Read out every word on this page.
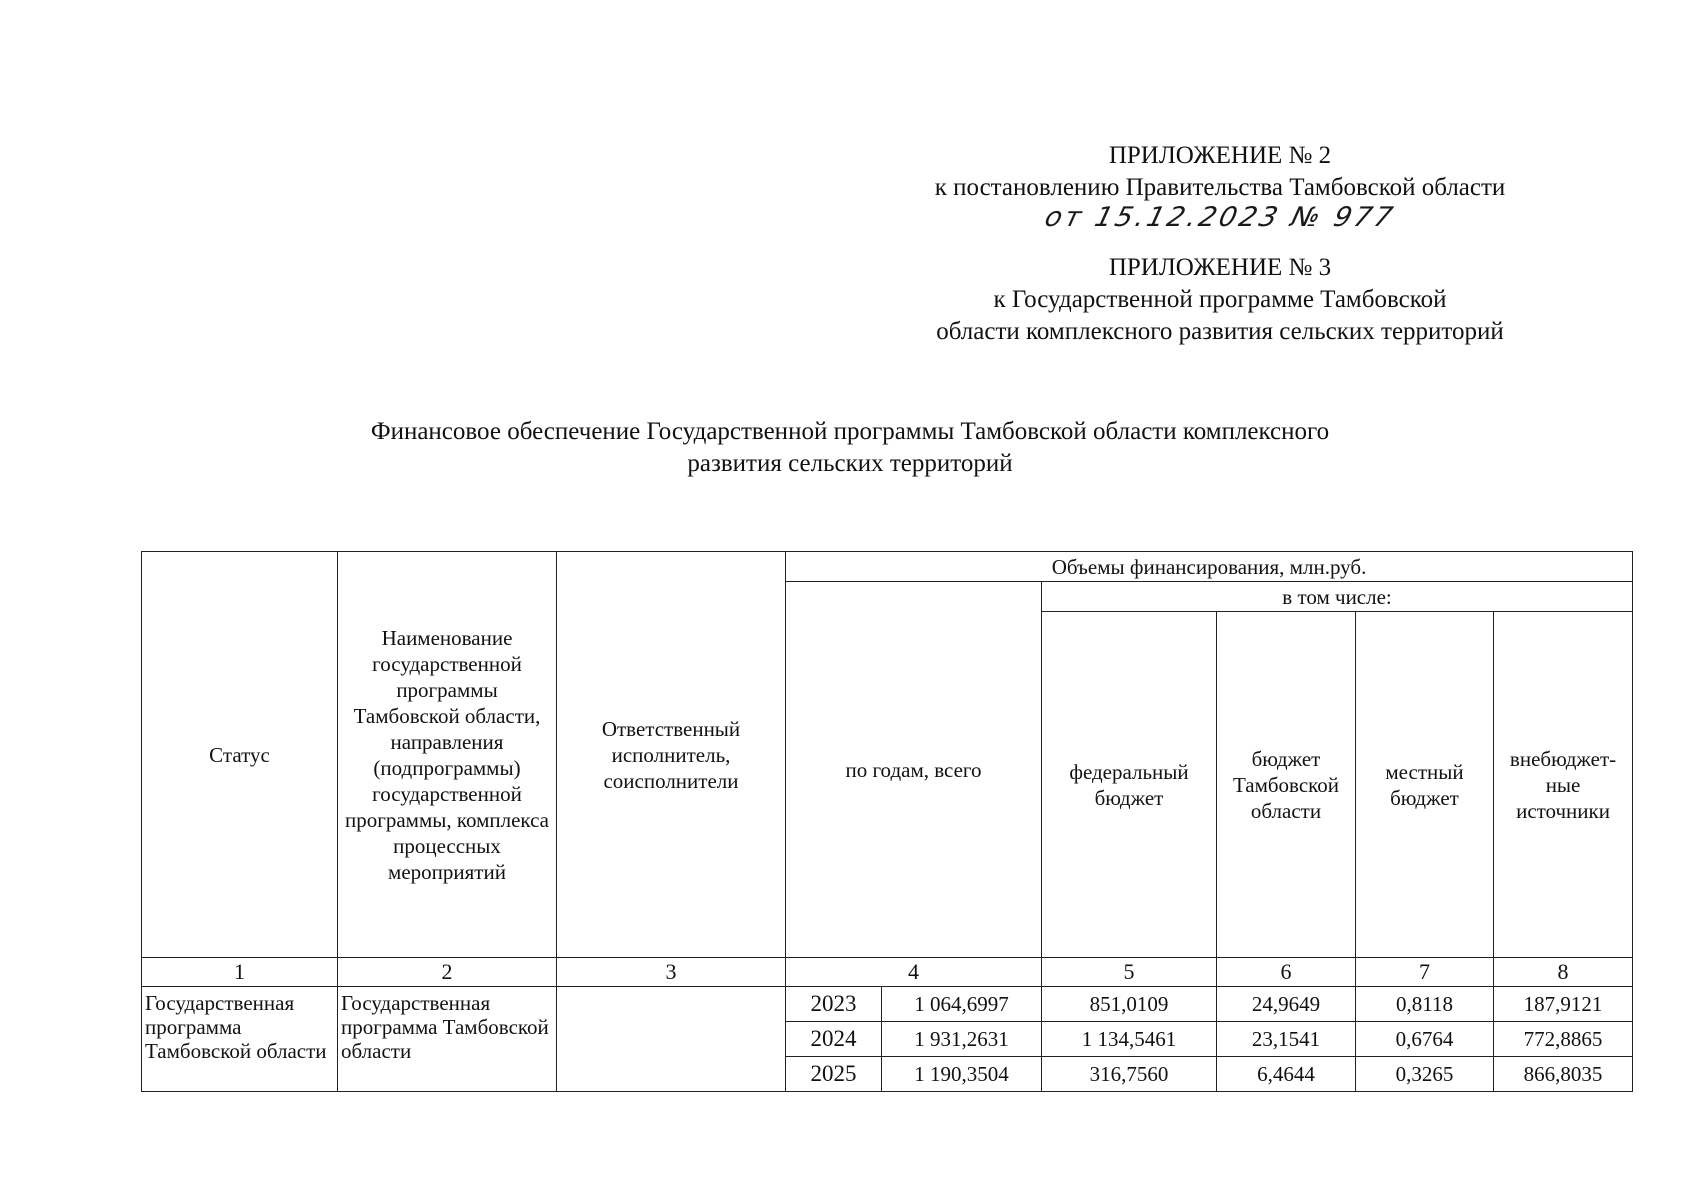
ПРИЛОЖЕНИЕ № 2
к постановлению Правительства Тамбовской области
от 15.12.2023 № 977
ПРИЛОЖЕНИЕ № 3
к Государственной программе Тамбовской
области комплексного развития сельских территорий
Финансовое обеспечение Государственной программы Тамбовской области комплексного
развития сельских территорий
Статус	Наименование государственной программы Тамбовской области, направления (подпрограммы) государственной программы, комплекса процессных мероприятий	Ответственный исполнитель, соисполнители	Объемы финансирования, млн.руб.					
			по годам, всего		в том числе:			
					федеральный бюджет	бюджет Тамбовской области	местный бюджет	внебюджет-ные источники
1	2	3	4		5	6	7	8
Государственная программа Тамбовской области	Государственная программа Тамбовской области		2023	1 064,6997	851,0109	24,9649	0,8118	187,9121
			2024	1 931,2631	1 134,5461	23,1541	0,6764	772,8865
			2025	1 190,3504	316,7560	6,4644	0,3265	866,8035
